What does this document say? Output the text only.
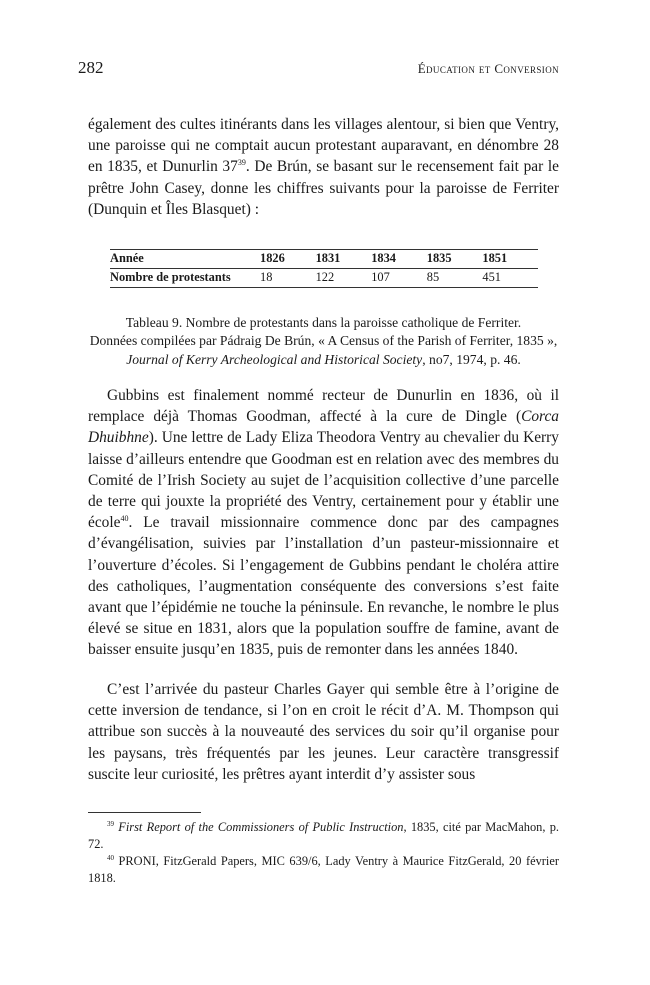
282	Éducation et Conversion

également des cultes itinérants dans les villages alentour, si bien que Ventry, une paroisse qui ne comptait aucun protestant auparavant, en dénombre 28 en 1835, et Dunurlin $37^{39}$. De Brún, se basant sur le recensement fait par le prêtre John Casey, donne les chiffres suivants pour la paroisse de Ferriter (Dunquin et Îles Blasquet) :

Année	1826	1831	1834	1835	1851
Nombre de protestants	18	122	107	85	451

Tableau 9. Nombre de protestants dans la paroisse catholique de Ferriter.
Données compilées par Pádraig De Brún, « A Census of the Parish of Ferriter, 1835 », Journal of Kerry Archeological and Historical Society, no7, 1974, p. 46.

Gubbins est finalement nommé recteur de Dunurlin en 1836, où il remplace déjà Thomas Goodman, affecté à la cure de Dingle (Corca Dhuibhne). Une lettre de Lady Eliza Theodora Ventry au chevalier du Kerry laisse d’ailleurs entendre que Goodman est en relation avec des membres du Comité de l’Irish Society au sujet de l’acquisition collective d’une parcelle de terre qui jouxte la propriété des Ventry, certainement pour y établir une école$^{40}$. Le travail missionnaire commence donc par des campagnes d’évangélisation, suivies par l’installation d’un pasteur-missionnaire et l’ouverture d’écoles. Si l’engagement de Gubbins pendant le choléra attire des catholiques, l’augmentation conséquente des conversions s’est faite avant que l’épidémie ne touche la péninsule. En revanche, le nombre le plus élevé se situe en 1831, alors que la population souffre de famine, avant de baisser ensuite jusqu’en 1835, puis de remonter dans les années 1840.

C’est l’arrivée du pasteur Charles Gayer qui semble être à l’origine de cette inversion de tendance, si l’on en croit le récit d’A. M. Thompson qui attribue son succès à la nouveauté des services du soir qu’il organise pour les paysans, très fréquentés par les jeunes. Leur caractère transgressif suscite leur curiosité, les prêtres ayant interdit d’y assister sous

$^{39}$ First Report of the Commissioners of Public Instruction, 1835, cité par MacMahon, p. 72.

$^{40}$ PRONI, FitzGerald Papers, MIC 639/6, Lady Ventry à Maurice FitzGerald, 20 février 1818.
